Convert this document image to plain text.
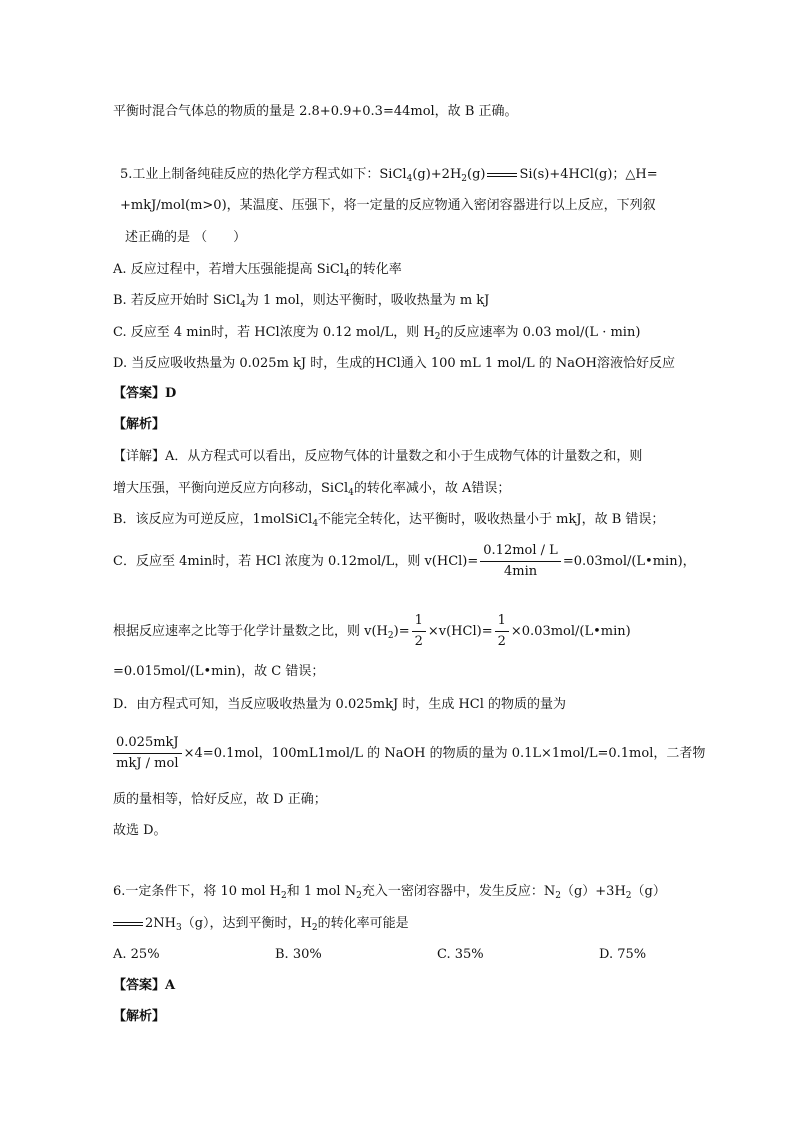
平衡时混合气体总的物质的量是 2.8+0.9+0.3=44mol，故 B 正确。
5.工业上制备纯硅反应的热化学方程式如下：$SiCl_4(g)+2H_2(g)$	Si(s)+4HCl(g)；△H=
+mkJ/mol(m>0)，某温度、压强下，将一定量的反应物通入密闭容器进行以上反应，下列叙
述正确的是 （　　）
A. 反应过程中，若增大压强能提高 SiCl$_4$的转化率
B. 若反应开始时 SiCl$_4$为 1 mol，则达平衡时，吸收热量为 m kJ
C. 反应至 4 min时，若 HCl浓度为 0.12 mol/L，则 $H_2$的反应速率为 0.03 mol/(L · min)
D. 当反应吸收热量为 0.025m kJ 时，生成的HCl通入 100 mL 1 mol/L 的 NaOH溶液恰好反应
【答案】D
【解析】
【详解】A．从方程式可以看出，反应物气体的计量数之和小于生成物气体的计量数之和，则
增大压强，平衡向逆反应方向移动，SiCl$_4$的转化率减小，故 A错误；
B．该反应为可逆反应，1molSiCl$_4$不能完全转化，达平衡时，吸收热量小于 mkJ，故 B 错误；
C．反应至 4min时，若 HCl 浓度为 0.12mol/L，则 $v(HCl)= \frac{\text{0.12mol / L}}{4\min}$ =0.03mol/(L•min)，
根据反应速率之比等于化学计量数之比，则 $v(H_2)= \frac{1}{2} \times v(HCl)= \frac{1}{2}$ ×0.03mol/(L•min)
=0.015mol/(L•min)，故 C 错误；
D．由方程式可知，当反应吸收热量为 0.025mkJ 时，生成 HCl 的物质的量为
$\frac{\text{0.025mkJ}}{\text{mkJ / mol}} \times 4=0.1mol$，100mL1mol/L 的 NaOH 的物质的量为 0.1L×1mol/L=0.1mol，二者物
质的量相等，恰好反应，故 D 正确；
故选 D。
6.一定条件下，将 10 mol $H_2$和 1 mol $N_2$充入一密闭容器中，发生反应：$N_2(g)+3H_2(g)$
$2NH_3(g)$，达到平衡时，$H_2$的转化率可能是
A. 25%	B. 30%	C. 35%	D. 75%
【答案】A
【解析】
